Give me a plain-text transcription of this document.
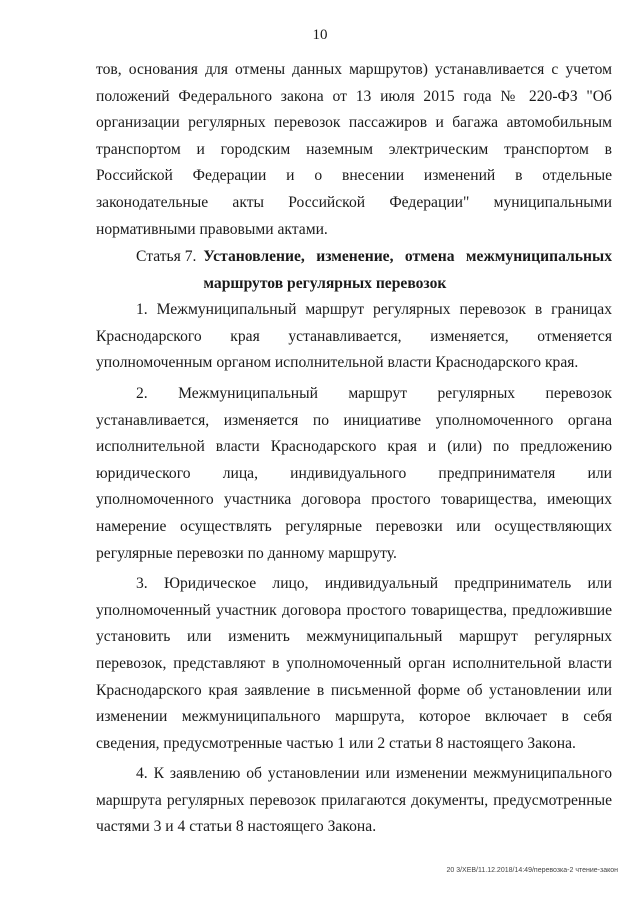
10

тов, основания для отмены данных маршрутов) устанавливается с учетом положений Федерального закона от 13 июля 2015 года № 220-ФЗ "Об организации регулярных перевозок пассажиров и багажа автомобильным транспортом и городским наземным электрическим транспортом в Российской Федерации и о внесении изменений в отдельные законодательные акты Российской Федерации" муниципальными нормативными правовыми актами.

Статья 7. Установление, изменение, отмена межмуниципальных маршрутов регулярных перевозок

1. Межмуниципальный маршрут регулярных перевозок в границах Краснодарского края устанавливается, изменяется, отменяется уполномоченным органом исполнительной власти Краснодарского края.

2. Межмуниципальный маршрут регулярных перевозок устанавливается, изменяется по инициативе уполномоченного органа исполнительной власти Краснодарского края и (или) по предложению юридического лица, индивидуального предпринимателя или уполномоченного участника договора простого товарищества, имеющих намерение осуществлять регулярные перевозки или осуществляющих регулярные перевозки по данному маршруту.

3. Юридическое лицо, индивидуальный предприниматель или уполномоченный участник договора простого товарищества, предложившие установить или изменить межмуниципальный маршрут регулярных перевозок, представляют в уполномоченный орган исполнительной власти Краснодарского края заявление в письменной форме об установлении или изменении межмуниципального маршрута, которое включает в себя сведения, предусмотренные частью 1 или 2 статьи 8 настоящего Закона.

4. К заявлению об установлении или изменении межмуниципального маршрута регулярных перевозок прилагаются документы, предусмотренные частями 3 и 4 статьи 8 настоящего Закона.

20 3/ХЕВ/11.12.2018/14:49/перевозка-2 чтение-закон
